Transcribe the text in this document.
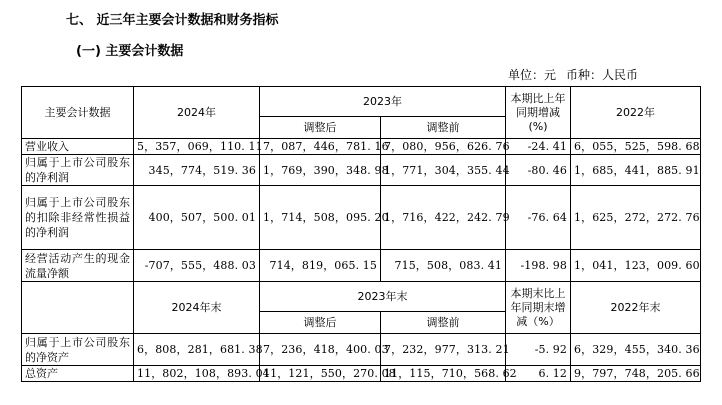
七、 近三年主要会计数据和财务指标
(一) 主要会计数据
单位：元 币种：人民币
主要会计数据	2024年	2023年		本期比上年同期增减(%)	2022年
		调整后	调整前		
营业收入	5，357，069，110. 11	7，087，446，781. 16	7，080，956，626. 76	-24. 41	6，055，525，598. 68
归属于上市公司股东的净利润	345，774，519. 36	1，769，390，348. 98	1，771，304，355. 44	-80. 46	1，685，441，885. 91
归属于上市公司股东的扣除非经常性损益的净利润	400，507，500. 01	1，714，508，095. 20	1，716，422，242. 79	-76. 64	1，625，272，272. 76
经营活动产生的现金流量净额	-707，555，488. 03	714，819，065. 15	715，508，083. 41	-198. 98	1，041，123，009. 60
	2024年末	2023年末		本期末比上年同期末增减（%）	2022年末
		调整后	调整前		
归属于上市公司股东的净资产	6，808，281，681. 38	7，236，418，400. 03	7，232，977，313. 21	-5. 92	6，329，455，340. 36
总资产	11，802，108，893. 04	11，121，550，270. 08	11，115，710，568. 62	6. 12	9，797，748，205. 66
